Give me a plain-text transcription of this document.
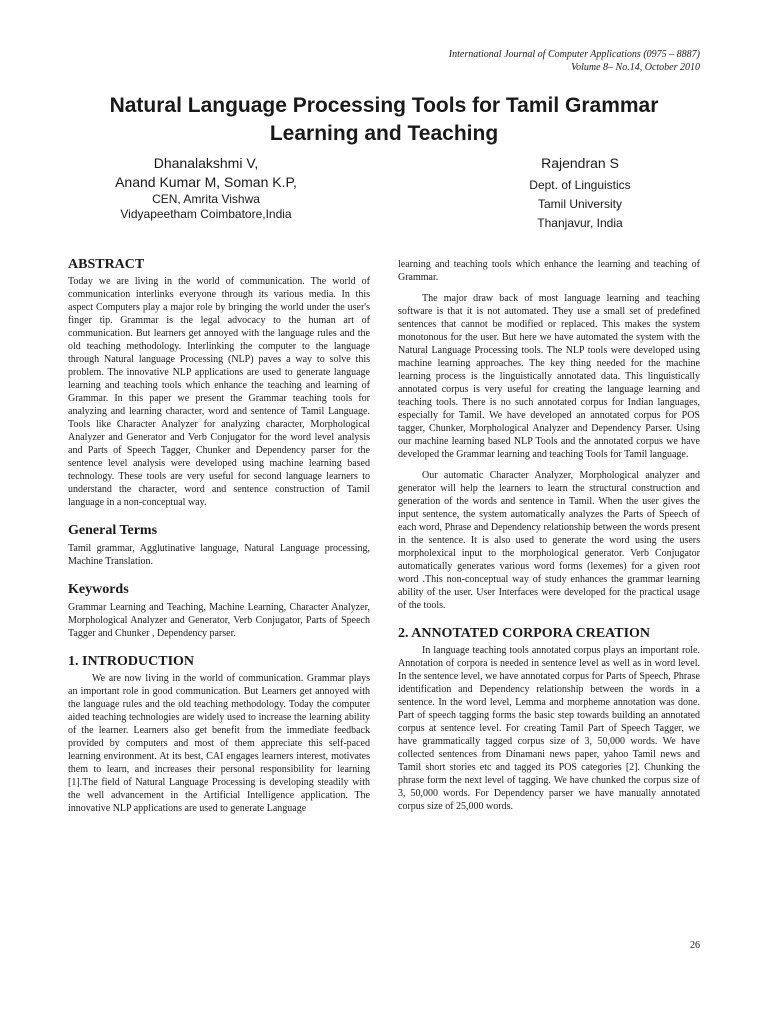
International Journal of Computer Applications (0975 – 8887)
Volume 8– No.14, October 2010
Natural Language Processing Tools for Tamil Grammar
Learning and Teaching
Dhanalakshmi V,
Anand Kumar M, Soman K.P,
CEN, Amrita Vishwa
Vidyapeetham Coimbatore,India
Rajendran S
Dept. of Linguistics
Tamil University
Thanjavur, India
ABSTRACT

Today we are living in the world of communication. The world of communication interlinks everyone through its various media. In this aspect Computers play a major role by bringing the world under the user's finger tip. Grammar is the legal advocacy to the human art of communication. But learners get annoyed with the language rules and the old teaching methodology. Interlinking the computer to the language through Natural language Processing (NLP) paves a way to solve this problem. The innovative NLP applications are used to generate language learning and teaching tools which enhance the teaching and learning of Grammar. In this paper we present the Grammar teaching tools for analyzing and learning character, word and sentence of Tamil Language. Tools like Character Analyzer for analyzing character, Morphological Analyzer and Generator and Verb Conjugator for the word level analysis and Parts of Speech Tagger, Chunker and Dependency parser for the sentence level analysis were developed using machine learning based technology. These tools are very useful for second language learners to understand the character, word and sentence construction of Tamil language in a non-conceptual way.

General Terms

Tamil grammar, Agglutinative language, Natural Language processing, Machine Translation.

Keywords

Grammar Learning and Teaching, Machine Learning, Character Analyzer, Morphological Analyzer and Generator, Verb Conjugator, Parts of Speech Tagger and Chunker , Dependency parser.

1. INTRODUCTION

We are now living in the world of communication. Grammar plays an important role in good communication. But Learners get annoyed with the language rules and the old teaching methodology. Today the computer aided teaching technologies are widely used to increase the learning ability of the learner. Learners also get benefit from the immediate feedback provided by computers and most of them appreciate this self-paced learning environment. At its best, CAI engages learners interest, motivates them to learn, and increases their personal responsibility for learning [1].The field of Natural Language Processing is developing steadily with the well advancement in the Artificial Intelligence application. The innovative NLP applications are used to generate Language

learning and teaching tools which enhance the learning and teaching of Grammar.

The major draw back of most language learning and teaching software is that it is not automated. They use a small set of predefined sentences that cannot be modified or replaced. This makes the system monotonous for the user. But here we have automated the system with the Natural Language Processing tools. The NLP tools were developed using machine learning approaches. The key thing needed for the machine learning process is the linguistically annotated data. This linguistically annotated corpus is very useful for creating the language learning and teaching tools. There is no such annotated corpus for Indian languages, especially for Tamil. We have developed an annotated corpus for POS tagger, Chunker, Morphological Analyzer and Dependency Parser. Using our machine learning based NLP Tools and the annotated corpus we have developed the Grammar learning and teaching Tools for Tamil language.

Our automatic Character Analyzer, Morphological analyzer and generator will help the learners to learn the structural construction and generation of the words and sentence in Tamil. When the user gives the input sentence, the system automatically analyzes the Parts of Speech of each word, Phrase and Dependency relationship between the words present in the sentence. It is also used to generate the word using the users morpholexical input to the morphological generator. Verb Conjugator automatically generates various word forms (lexemes) for a given root word .This non-conceptual way of study enhances the grammar learning ability of the user. User Interfaces were developed for the practical usage of the tools.

2. ANNOTATED CORPORA CREATION

In language teaching tools annotated corpus plays an important role. Annotation of corpora is needed in sentence level as well as in word level. In the sentence level, we have annotated corpus for Parts of Speech, Phrase identification and Dependency relationship between the words in a sentence. In the word level, Lemma and morpheme annotation was done. Part of speech tagging forms the basic step towards building an annotated corpus at sentence level. For creating Tamil Part of Speech Tagger, we have grammatically tagged corpus size of 3, 50,000 words. We have collected sentences from Dinamani news paper, yahoo Tamil news and Tamil short stories etc and tagged its POS categories [2]. Chunking the phrase form the next level of tagging. We have chunked the corpus size of 3, 50,000 words. For Dependency parser we have manually annotated corpus size of 25,000 words.

26
